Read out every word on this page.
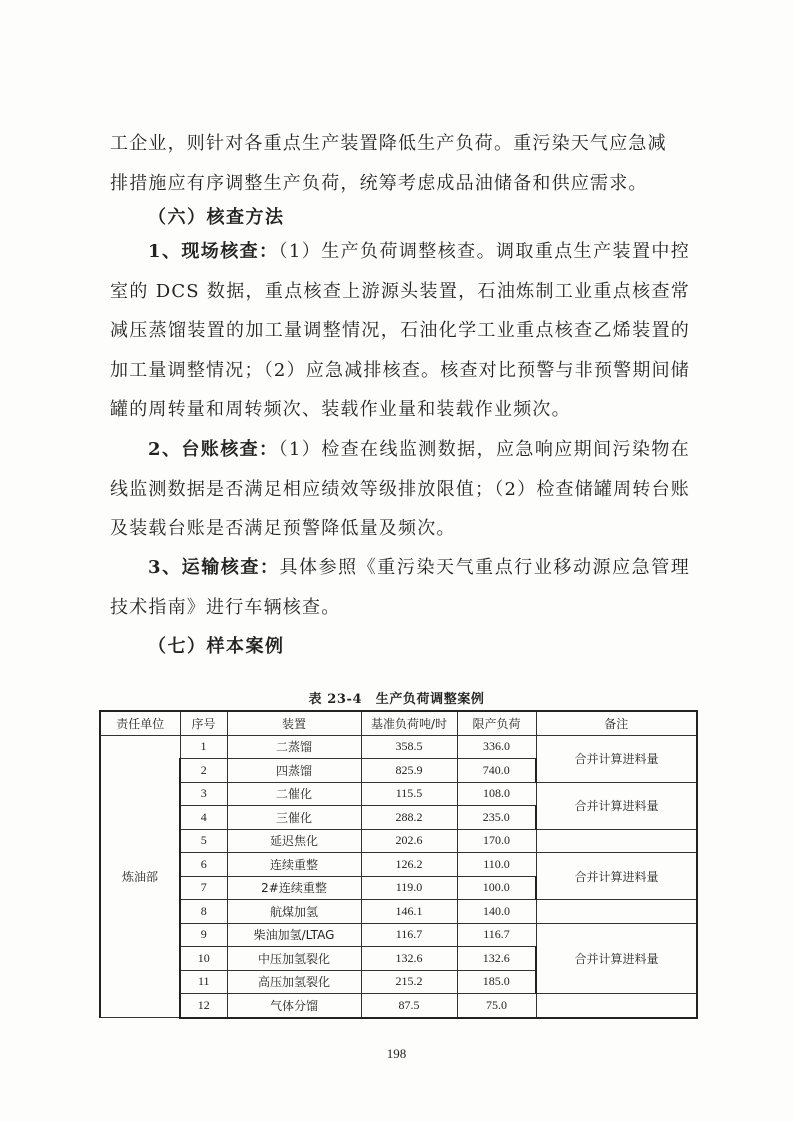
工企业，则针对各重点生产装置降低生产负荷。重污染天气应急减
排措施应有序调整生产负荷，统筹考虑成品油储备和供应需求。

（六）核查方法

1、现场核查：（1）生产负荷调整核查。调取重点生产装置中控室的 DCS 数据，重点核查上游源头装置，石油炼制工业重点核查常减压蒸馏装置的加工量调整情况，石油化学工业重点核查乙烯装置的加工量调整情况；（2）应急减排核查。核查对比预警与非预警期间储罐的周转量和周转频次、装载作业量和装载作业频次。

2、台账核查：（1）检查在线监测数据，应急响应期间污染物在线监测数据是否满足相应绩效等级排放限值；（2）检查储罐周转台账及装载台账是否满足预警降低量及频次。

3、运输核查：具体参照《重污染天气重点行业移动源应急管理技术指南》进行车辆核查。

（七）样本案例

表 23-4　生产负荷调整案例
责任单位	序号	装置	基准负荷吨/时	限产负荷	备注
炼油部	1	二蒸馏	358.5	336.0	合并计算进料量
	2	四蒸馏	825.9	740.0	
	3	二催化	115.5	108.0	合并计算进料量
	4	三催化	288.2	235.0	
	5	延迟焦化	202.6	170.0	
	6	连续重整	126.2	110.0	合并计算进料量
	7	2#连续重整	119.0	100.0	
	8	航煤加氢	146.1	140.0	
	9	柴油加氢/LTAG	116.7	116.7	合并计算进料量
	10	中压加氢裂化	132.6	132.6	
	11	高压加氢裂化	215.2	185.0	
	12	气体分馏	87.5	75.0	
198
